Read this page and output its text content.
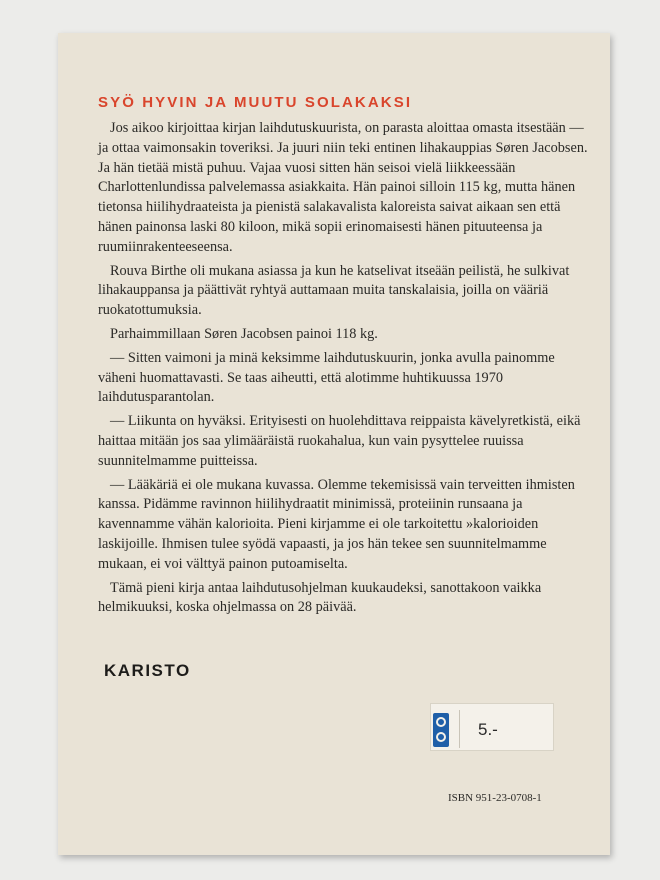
SYÖ HYVIN JA MUUTU SOLAKAKSI

Jos aikoo kirjoittaa kirjan laihdutuskuurista, on parasta aloittaa omasta itsestään — ja ottaa vaimonsakin toveriksi. Ja juuri niin teki entinen lihakauppias Søren Jacobsen. Ja hän tietää mistä puhuu. Vajaa vuosi sitten hän seisoi vielä liikkeessään Charlottenlundissa palvelemassa asiakkaita. Hän painoi silloin 115 kg, mutta hänen tietonsa hiilihydraateista ja pienistä salakavalista kaloreista saivat aikaan sen että hänen painonsa laski 80 kiloon, mikä sopii erinomaisesti hänen pituuteensa ja ruumiinrakenteeseensa.

Rouva Birthe oli mukana asiassa ja kun he katselivat itseään peilistä, he sulkivat lihakauppansa ja päättivät ryhtyä auttamaan muita tanskalaisia, joilla on vääriä ruokatottumuksia.

Parhaimmillaan Søren Jacobsen painoi 118 kg.

— Sitten vaimoni ja minä keksimme laihdutuskuurin, jonka avulla painomme väheni huomattavasti. Se taas aiheutti, että alotimme huhtikuussa 1970 laihdutusparantolan.

— Liikunta on hyväksi. Erityisesti on huolehdittava reippaista kävelyretkistä, eikä haittaa mitään jos saa ylimääräistä ruokahalua, kun vain pysyttelee ruuissa suunnitelmamme puitteissa.

— Lääkäriä ei ole mukana kuvassa. Olemme tekemisissä vain terveitten ihmisten kanssa. Pidämme ravinnon hiilihydraatit minimissä, proteiinin runsaana ja kavennamme vähän kalorioita. Pieni kirjamme ei ole tarkoitettu »kalorioiden laskijoille. Ihmisen tulee syödä vapaasti, ja jos hän tekee sen suunnitelmamme mukaan, ei voi välttyä painon putoamiselta.

Tämä pieni kirja antaa laihdutusohjelman kuukaudeksi, sanottakoon vaikka helmikuuksi, koska ohjelmassa on 28 päivää.

KARISTO
5.-
ISBN 951-23-0708-1
